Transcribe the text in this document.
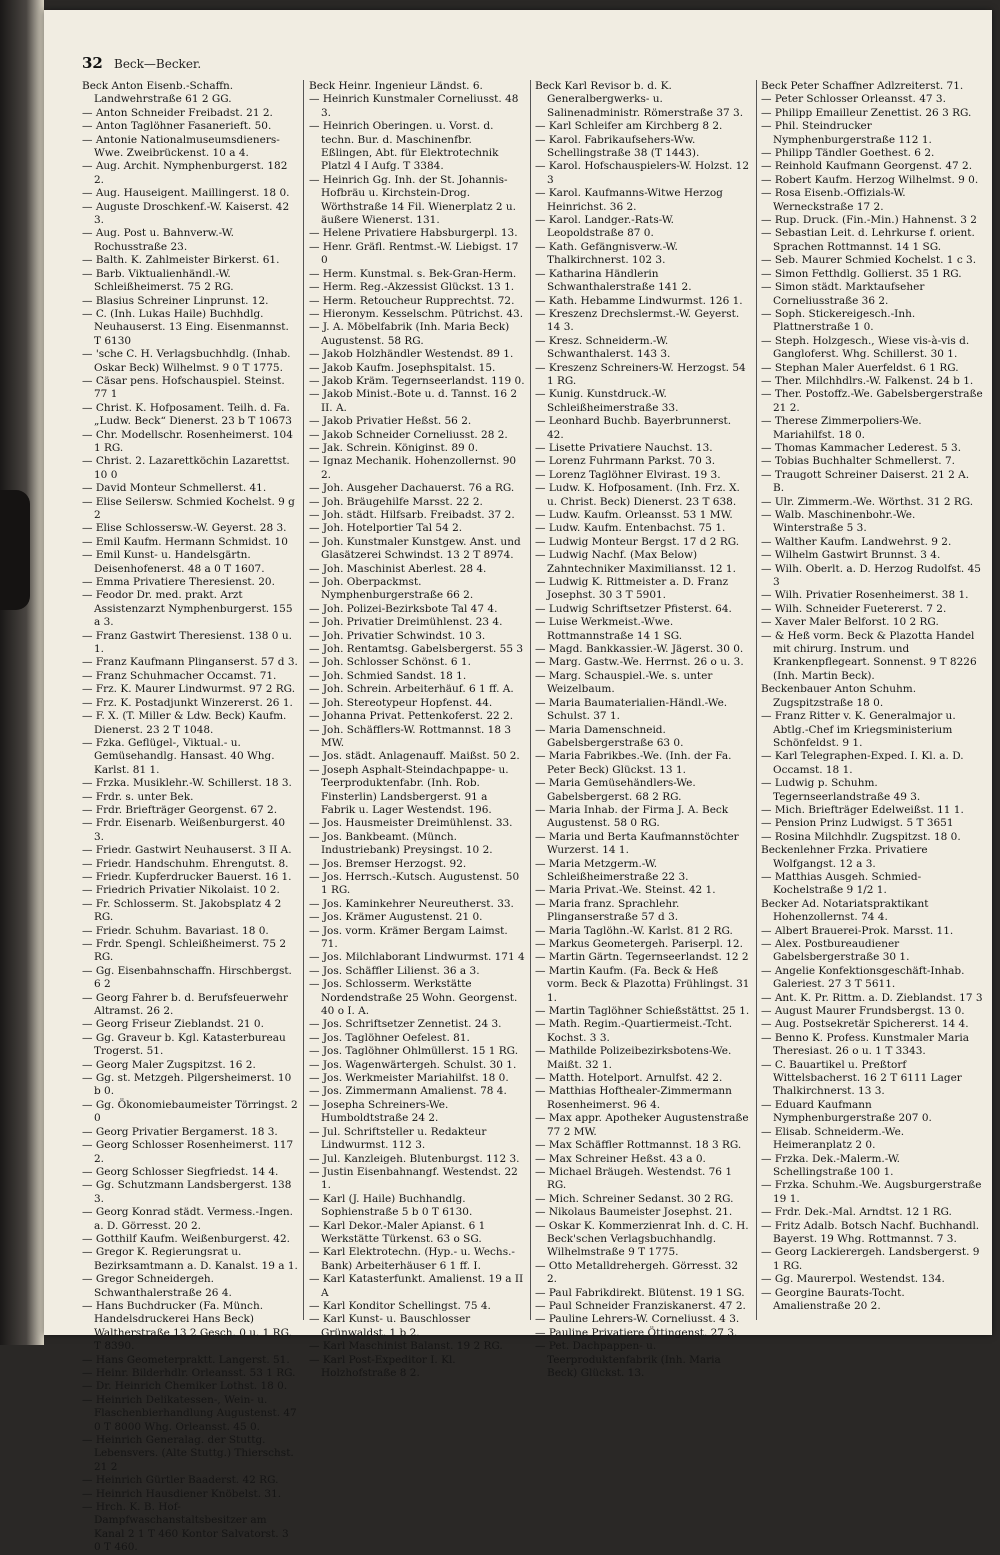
32 Beck—Becker.
Beck Anton Eisenb.-Schaffn. Landwehrstraße 61 2 GG.
— Anton Schneider Freibadst. 21 2.
— Anton Taglöhner Fasanerieft. 50.
— Antonie Nationalmuseumsdieners-Wwe. Zweibrückenst. 10 a 4.
— Aug. Archit. Nymphenburgerst. 182 2.
— Aug. Hauseigent. Maillingerst. 18 0.
— Auguste Droschkenf.-W. Kaiserst. 42 3.
— Aug. Post u. Bahnverw.-W. Rochusstraße 23.
— Balth. K. Zahlmeister Birkerst. 61.
— Barb. Viktualienhändl.-W. Schleißheimerst. 75 2 RG.
— Blasius Schreiner Linprunst. 12.
— C. (Inh. Lukas Haile) Buchhdlg. Neuhauserst. 13 Eing. Eisenmannst. T 6130
— 'sche C. H. Verlagsbuchhdlg. (Inhab. Oskar Beck) Wilhelmst. 9 0 T 1775.
— Cäsar pens. Hofschauspiel. Steinst. 77 1
— Christ. K. Hofposament. Teilh. d. Fa. „Ludw. Beck“ Dienerst. 23 b T 10673
— Chr. Modellschr. Rosenheimerst. 104 1 RG.
— Christ. 2. Lazarettköchin Lazarettst. 10 0
— David Monteur Schmellerst. 41.
— Elise Seilersw. Schmied Kochelst. 9 g 2
— Elise Schlossersw.-W. Geyerst. 28 3.
— Emil Kaufm. Hermann Schmidst. 10
— Emil Kunst- u. Handelsgärtn. Deisenhofenerst. 48 a 0 T 1607.
— Emma Privatiere Theresienst. 20.
— Feodor Dr. med. prakt. Arzt Assistenzarzt Nymphenburgerst. 155 a 3.
— Franz Gastwirt Theresienst. 138 0 u. 1.
— Franz Kaufmann Plinganserst. 57 d 3.
— Franz Schuhmacher Occamst. 71.
— Frz. K. Maurer Lindwurmst. 97 2 RG.
— Frz. K. Postadjunkt Winzererst. 26 1.
— F. X. (T. Miller & Ldw. Beck) Kaufm. Dienerst. 23 2 T 1048.
— Fzka. Geflügel-, Viktual.- u. Gemüsehandlg. Hansast. 40 Whg. Karlst. 81 1.
— Frzka. Musiklehr.-W. Schillerst. 18 3.
— Frdr. s. unter Bek.
— Frdr. Briefträger Georgenst. 67 2.
— Frdr. Eisenarb. Weißenburgerst. 40 3.
— Friedr. Gastwirt Neuhauserst. 3 II A.
— Friedr. Handschuhm. Ehrengutst. 8.
— Friedr. Kupferdrucker Bauerst. 16 1.
— Friedrich Privatier Nikolaist. 10 2.
— Fr. Schlosserm. St. Jakobsplatz 4 2 RG.
— Friedr. Schuhm. Bavariast. 18 0.
— Frdr. Spengl. Schleißheimerst. 75 2 RG.
— Gg. Eisenbahnschaffn. Hirschbergst. 6 2
— Georg Fahrer b. d. Berufsfeuerwehr Altramst. 26 2.
— Georg Friseur Zieblandst. 21 0.
— Gg. Graveur b. Kgl. Katasterbureau Trogerst. 51.
— Georg Maler Zugspitzst. 16 2.
— Gg. st. Metzgeh. Pilgersheimerst. 10 b 0.
— Gg. Ökonomiebaumeister Törringst. 2 0
— Georg Privatier Bergamerst. 18 3.
— Georg Schlosser Rosenheimerst. 117 2.
— Georg Schlosser Siegfriedst. 14 4.
— Gg. Schutzmann Landsbergerst. 138 3.
— Georg Konrad städt. Vermess.-Ingen. a. D. Görresst. 20 2.
— Gotthilf Kaufm. Weißenburgerst. 42.
— Gregor K. Regierungsrat u. Bezirksamtmann a. D. Kanalst. 19 a 1.
— Gregor Schneidergeh. Schwanthalerstraße 26 4.
— Hans Buchdrucker (Fa. Münch. Handelsdruckerei Hans Beck) Waltherstraße 13 2 Gesch. 0 u. 1 RG. T 8390.
— Hans Geometerpraktt. Langerst. 51.
— Heinr. Bilderhdlr. Orleansst. 53 1 RG.
— Dr. Heinrich Chemiker Lothst. 18 0.
— Heinrich Delikatessen-, Wein- u. Flaschenbierhandlung Augustenst. 47 0 T 8000 Whg. Orleansst. 45 0.
— Heinrich Generalag. der Stuttg. Lebensvers. (Alte Stuttg.) Thierschst. 21 2
— Heinrich Gürtler Baaderst. 42 RG.
— Heinrich Hausdiener Knöbelst. 31.
— Hrch. K. B. Hof-Dampfwaschanstaltsbesitzer am Kanal 2 1 T 460 Kontor Salvatorst. 3 0 T 460.
Beck Heinr. Ingenieur Ländst. 6.
— Heinrich Kunstmaler Corneliusst. 48 3.
— Heinrich Oberingen. u. Vorst. d. techn. Bur. d. Maschinenfbr. Eßlingen, Abt. für Elektrotechnik Platzl 4 I Aufg. T 3384.
— Heinrich Gg. Inh. der St. Johannis-Hofbräu u. Kirchstein-Drog. Wörthstraße 14 Fil. Wienerplatz 2 u. äußere Wienerst. 131.
— Helene Privatiere Habsburgerpl. 13.
— Henr. Gräfl. Rentmst.-W. Liebigst. 17 0
— Herm. Kunstmal. s. Bek-Gran-Herm.
— Herm. Reg.-Akzessist Glückst. 13 1.
— Herm. Retoucheur Rupprechtst. 72.
— Hieronym. Kesselschm. Pütrichst. 43.
— J. A. Möbelfabrik (Inh. Maria Beck) Augustenst. 58 RG.
— Jakob Holzhändler Westendst. 89 1.
— Jakob Kaufm. Josephspitalst. 15.
— Jakob Kräm. Tegernseerlandst. 119 0.
— Jakob Minist.-Bote u. d. Tannst. 16 2 II. A.
— Jakob Privatier Heßst. 56 2.
— Jakob Schneider Corneliusst. 28 2.
— Jak. Schrein. Königinst. 89 0.
— Ignaz Mechanik. Hohenzollernst. 90 2.
— Joh. Ausgeher Dachauerst. 76 a RG.
— Joh. Bräugehilfe Marsst. 22 2.
— Joh. städt. Hilfsarb. Freibadst. 37 2.
— Joh. Hotelportier Tal 54 2.
— Joh. Kunstmaler Kunstgew. Anst. und Glasätzerei Schwindst. 13 2 T 8974.
— Joh. Maschinist Aberlest. 28 4.
— Joh. Oberpackmst. Nymphenburgerstraße 66 2.
— Joh. Polizei-Bezirksbote Tal 47 4.
— Joh. Privatier Dreimühlenst. 23 4.
— Joh. Privatier Schwindst. 10 3.
— Joh. Rentamtsg. Gabelsbergerst. 55 3
— Joh. Schlosser Schönst. 6 1.
— Joh. Schmied Sandst. 18 1.
— Joh. Schrein. Arbeiterhäuf. 6 1 ff. A.
— Joh. Stereotypeur Hopfenst. 44.
— Johanna Privat. Pettenkoferst. 22 2.
— Joh. Schäfflers-W. Rottmannst. 18 3 MW.
— Jos. städt. Anlagenauff. Maißst. 50 2.
— Joseph Asphalt-Steindachpappe- u. Teerproduktenfabr. (Inh. Rob. Finsterlin) Landsbergerst. 91 a Fabrik u. Lager Westendst. 196.
— Jos. Hausmeister Dreimühlenst. 33.
— Jos. Bankbeamt. (Münch. Industriebank) Preysingst. 10 2.
— Jos. Bremser Herzogst. 92.
— Jos. Herrsch.-Kutsch. Augustenst. 50 1 RG.
— Jos. Kaminkehrer Neureutherst. 33.
— Jos. Krämer Augustenst. 21 0.
— Jos. vorm. Krämer Bergam Laimst. 71.
— Jos. Milchlaborant Lindwurmst. 171 4
— Jos. Schäffler Lilienst. 36 a 3.
— Jos. Schlosserm. Werkstätte Nordendstraße 25 Wohn. Georgenst. 40 o I. A.
— Jos. Schriftsetzer Zennetist. 24 3.
— Jos. Taglöhner Oefelest. 81.
— Jos. Taglöhner Ohlmüllerst. 15 1 RG.
— Jos. Wagenwärtergeh. Schulst. 30 1.
— Jos. Werkmeister Mariahilfst. 18 0.
— Jos. Zimmermann Amalienst. 78 4.
— Josepha Schreiners-We. Humboldtstraße 24 2.
— Jul. Schriftsteller u. Redakteur Lindwurmst. 112 3.
— Jul. Kanzleigeh. Blutenburgst. 112 3.
— Justin Eisenbahnangf. Westendst. 22 1.
— Karl (J. Haile) Buchhandlg. Sophienstraße 5 b 0 T 6130.
— Karl Dekor.-Maler Apianst. 6 1 Werkstätte Türkenst. 63 o SG.
— Karl Elektrotechn. (Hyp.- u. Wechs.-Bank) Arbeiterhäuser 6 1 ff. I.
— Karl Katasterfunkt. Amalienst. 19 a II A
— Karl Konditor Schellingst. 75 4.
— Karl Kunst- u. Bauschlosser Grünwaldst. 1 b 2.
— Karl Maschinist Balanst. 19 2 RG.
— Karl Post-Expeditor I. Kl. Holzhofstraße 8 2.
Beck Karl Revisor b. d. K. Generalbergwerks- u. Salinenadministr. Römerstraße 37 3.
— Karl Schleifer am Kirchberg 8 2.
— Karol. Fabrikaufsehers-Ww. Schellingstraße 38 (T 1443).
— Karol. Hofschauspielers-W. Holzst. 12 3
— Karol. Kaufmanns-Witwe Herzog Heinrichst. 36 2.
— Karol. Landger.-Rats-W. Leopoldstraße 87 0.
— Kath. Gefängnisverw.-W. Thalkirchnerst. 102 3.
— Katharina Händlerin Schwanthalerstraße 141 2.
— Kath. Hebamme Lindwurmst. 126 1.
— Kreszenz Drechslermst.-W. Geyerst. 14 3.
— Kresz. Schneiderm.-W. Schwanthalerst. 143 3.
— Kreszenz Schreiners-W. Herzogst. 54 1 RG.
— Kunig. Kunstdruck.-W. Schleißheimerstraße 33.
— Leonhard Buchb. Bayerbrunnerst. 42.
— Lisette Privatiere Nauchst. 13.
— Lorenz Fuhrmann Parkst. 70 3.
— Lorenz Taglöhner Elvirast. 19 3.
— Ludw. K. Hofposament. (Inh. Frz. X. u. Christ. Beck) Dienerst. 23 T 638.
— Ludw. Kaufm. Orleansst. 53 1 MW.
— Ludw. Kaufm. Entenbachst. 75 1.
— Ludwig Monteur Bergst. 17 d 2 RG.
— Ludwig Nachf. (Max Below) Zahntechniker Maximiliansst. 12 1.
— Ludwig K. Rittmeister a. D. Franz Josephst. 30 3 T 5901.
— Ludwig Schriftsetzer Pfisterst. 64.
— Luise Werkmeist.-Wwe. Rottmannstraße 14 1 SG.
— Magd. Bankkassier.-W. Jägerst. 30 0.
— Marg. Gastw.-We. Herrnst. 26 o u. 3.
— Marg. Schauspiel.-We. s. unter Weizelbaum.
— Maria Baumaterialien-Händl.-We. Schulst. 37 1.
— Maria Damenschneid. Gabelsbergerstraße 63 0.
— Maria Fabrikbes.-We. (Inh. der Fa. Peter Beck) Glückst. 13 1.
— Maria Gemüsehändlers-We. Gabelsbergerst. 68 2 RG.
— Maria Inhab. der Firma J. A. Beck Augustenst. 58 0 RG.
— Maria und Berta Kaufmannstöchter Wurzerst. 14 1.
— Maria Metzgerm.-W. Schleißheimerstraße 22 3.
— Maria Privat.-We. Steinst. 42 1.
— Maria franz. Sprachlehr. Plinganserstraße 57 d 3.
— Maria Taglöhn.-W. Karlst. 81 2 RG.
— Markus Geometergeh. Pariserpl. 12.
— Martin Gärtn. Tegernseerlandst. 12 2
— Martin Kaufm. (Fa. Beck & Heß vorm. Beck & Plazotta) Frühlingst. 31 1.
— Martin Taglöhner Schießstättst. 25 1.
— Math. Regim.-Quartiermeist.-Tcht. Kochst. 3 3.
— Mathilde Polizeibezirksbotens-We. Maißt. 32 1.
— Matth. Hotelport. Arnulfst. 42 2.
— Matthias Hofthealer-Zimmermann Rosenheimerst. 96 4.
— Max appr. Apotheker Augustenstraße 77 2 MW.
— Max Schäffler Rottmannst. 18 3 RG.
— Max Schreiner Heßst. 43 a 0.
— Michael Bräugeh. Westendst. 76 1 RG.
— Mich. Schreiner Sedanst. 30 2 RG.
— Nikolaus Baumeister Josephst. 21.
— Oskar K. Kommerzienrat Inh. d. C. H. Beck'schen Verlagsbuchhandlg. Wilhelmstraße 9 T 1775.
— Otto Metalldrehergeh. Görresst. 32 2.
— Paul Fabrikdirekt. Blütenst. 19 1 SG.
— Paul Schneider Franziskanerst. 47 2.
— Pauline Lehrers-W. Corneliusst. 4 3.
— Pauline Privatiere Öttingenst. 27 3.
— Pet. Dachpappen- u. Teerproduktenfabrik (Inh. Maria Beck) Glückst. 13.
Beck Peter Schaffner Adlzreiterst. 71.
— Peter Schlosser Orleansst. 47 3.
— Philipp Emailleur Zenettist. 26 3 RG.
— Phil. Steindrucker Nymphenburgerstraße 112 1.
— Philipp Tändler Goethest. 6 2.
— Reinhold Kaufmann Georgenst. 47 2.
— Robert Kaufm. Herzog Wilhelmst. 9 0.
— Rosa Eisenb.-Offizials-W. Werneckstraße 17 2.
— Rup. Druck. (Fin.-Min.) Hahnenst. 3 2
— Sebastian Leit. d. Lehrkurse f. orient. Sprachen Rottmannst. 14 1 SG.
— Seb. Maurer Schmied Kochelst. 1 c 3.
— Simon Fetthdlg. Gollierst. 35 1 RG.
— Simon städt. Marktaufseher Corneliusstraße 36 2.
— Soph. Stickereigesch.-Inh. Plattnerstraße 1 0.
— Steph. Holzgesch., Wiese vis-à-vis d. Gangloferst. Whg. Schillerst. 30 1.
— Stephan Maler Auerfeldst. 6 1 RG.
— Ther. Milchhdlrs.-W. Falkenst. 24 b 1.
— Ther. Postoffz.-We. Gabelsbergerstraße 21 2.
— Therese Zimmerpoliers-We. Mariahilfst. 18 0.
— Thomas Kammacher Lederest. 5 3.
— Tobias Buchhalter Schmellerst. 7.
— Traugott Schreiner Daiserst. 21 2 A. B.
— Ulr. Zimmerm.-We. Wörthst. 31 2 RG.
— Walb. Maschinenbohr.-We. Winterstraße 5 3.
— Walther Kaufm. Landwehrst. 9 2.
— Wilhelm Gastwirt Brunnst. 3 4.
— Wilh. Oberlt. a. D. Herzog Rudolfst. 45 3
— Wilh. Privatier Rosenheimerst. 38 1.
— Wilh. Schneider Fuetererst. 7 2.
— Xaver Maler Belforst. 10 2 RG.
— & Heß vorm. Beck & Plazotta Handel mit chirurg. Instrum. und Krankenpflegeart. Sonnenst. 9 T 8226 (Inh. Martin Beck).
Beckenbauer Anton Schuhm. Zugspitzstraße 18 0.
— Franz Ritter v. K. Generalmajor u. Abtlg.-Chef im Kriegsministerium Schönfeldst. 9 1.
— Karl Telegraphen-Exped. I. Kl. a. D. Occamst. 18 1.
— Ludwig p. Schuhm. Tegernseerlandstraße 49 3.
— Mich. Briefträger Edelweißst. 11 1.
— Pension Prinz Ludwigst. 5 T 3651
— Rosina Milchhdlr. Zugspitzst. 18 0.
Beckenlehner Frzka. Privatiere Wolfgangst. 12 a 3.
— Matthias Ausgeh. Schmied-Kochelstraße 9 1/2 1.
Becker Ad. Notariatspraktikant Hohenzollernst. 74 4.
— Albert Brauerei-Prok. Marsst. 11.
— Alex. Postbureaudiener Gabelsbergerstraße 30 1.
— Angelie Konfektionsgeschäft-Inhab. Galeriest. 27 3 T 5611.
— Ant. K. Pr. Rittm. a. D. Zieblandst. 17 3
— August Maurer Frundsbergst. 13 0.
— Aug. Postsekretär Spichererst. 14 4.
— Benno K. Profess. Kunstmaler Maria Theresiast. 26 o u. 1 T 3343.
— C. Bauartikel u. Preßtorf Wittelsbacherst. 16 2 T 6111 Lager Thalkirchnerst. 13 3.
— Eduard Kaufmann Nymphenburgerstraße 207 0.
— Elisab. Schneiderm.-We. Heimeranplatz 2 0.
— Frzka. Dek.-Malerm.-W. Schellingstraße 100 1.
— Frzka. Schuhm.-We. Augsburgerstraße 19 1.
— Frdr. Dek.-Mal. Arndtst. 12 1 RG.
— Fritz Adalb. Botsch Nachf. Buchhandl. Bayerst. 19 Whg. Rottmannst. 7 3.
— Georg Lackierergeh. Landsbergerst. 9 1 RG.
— Gg. Maurerpol. Westendst. 134.
— Georgine Baurats-Tocht. Amalienstraße 20 2.
